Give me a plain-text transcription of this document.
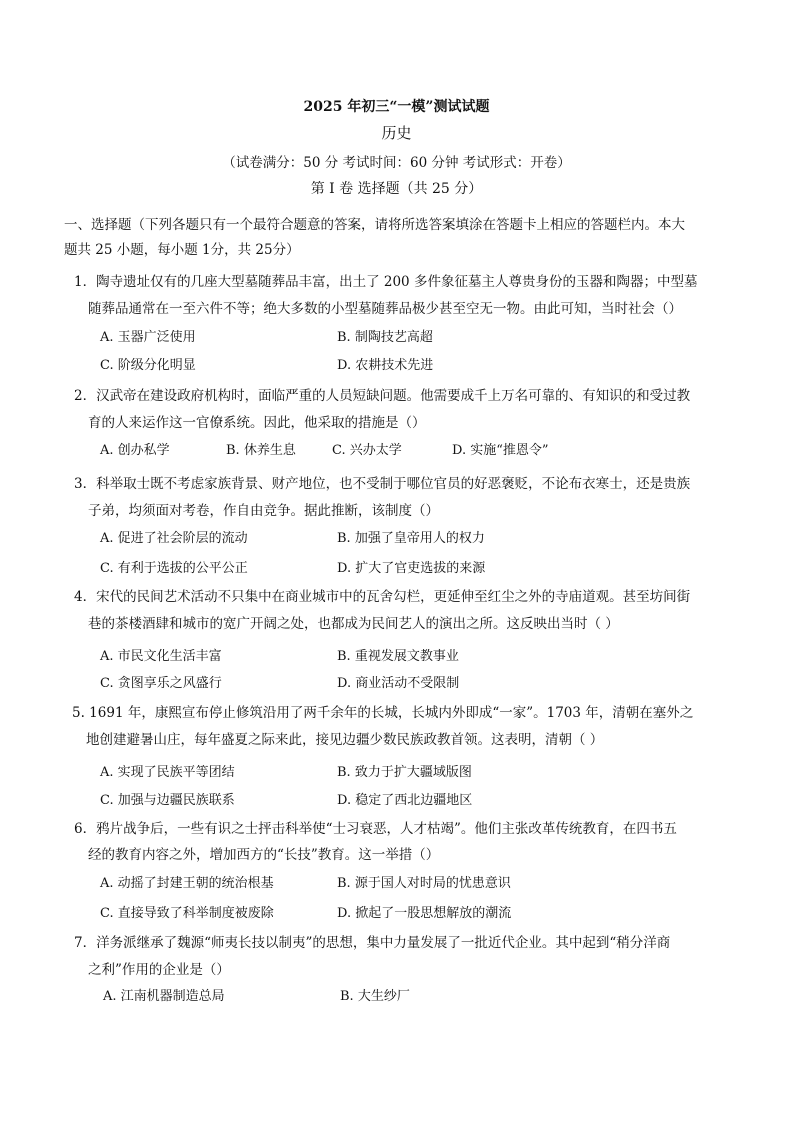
2025 年初三“一模”测试试题
历史
（试卷满分：50 分 考试时间：60 分钟 考试形式：开卷）
第 I 卷 选择题（共 25 分）
一、选择题（下列各题只有一个最符合题意的答案，请将所选答案填涂在答题卡上相应的答题栏内。本大
题共 25 小题，每小题 1分，共 25分）
1．陶寺遗址仅有的几座大型墓随葬品丰富，出土了 200 多件象征墓主人尊贵身份的玉器和陶器；中型墓
随葬品通常在一至六件不等；绝大多数的小型墓随葬品极少甚至空无一物。由此可知，当时社会（）
A. 玉器广泛使用	B. 制陶技艺高超
C. 阶级分化明显	D. 农耕技术先进
2．汉武帝在建设政府机构时，面临严重的人员短缺问题。他需要成千上万名可靠的、有知识的和受过教
育的人来运作这一官僚系统。因此，他采取的措施是（）
A. 创办私学	B. 休养生息	C. 兴办太学	D. 实施“推恩令”
3．科举取士既不考虑家族背景、财产地位，也不受制于哪位官员的好恶褒贬，不论布衣寒士，还是贵族
子弟，均须面对考卷，作自由竞争。据此推断，该制度（）
A. 促进了社会阶层的流动	B. 加强了皇帝用人的权力
C. 有利于选拔的公平公正	D. 扩大了官吏选拔的来源
4．宋代的民间艺术活动不只集中在商业城市中的瓦舍勾栏，更延伸至红尘之外的寺庙道观。甚至坊间街
巷的茶楼酒肆和城市的宽广开阔之处，也都成为民间艺人的演出之所。这反映出当时（ ）
A. 市民文化生活丰富	B. 重视发展文教事业
C. 贪图享乐之风盛行	D. 商业活动不受限制
5. 1691 年，康熙宣布停止修筑沿用了两千余年的长城，长城内外即成“一家”。1703 年，清朝在塞外之
地创建避暑山庄，每年盛夏之际来此，接见边疆少数民族政教首领。这表明，清朝（ ）
A. 实现了民族平等团结	B. 致力于扩大疆域版图
C. 加强与边疆民族联系	D. 稳定了西北边疆地区
6．鸦片战争后，一些有识之士抨击科举使“士习衰恶，人才枯竭”。他们主张改革传统教育，在四书五
经的教育内容之外，增加西方的“长技”教育。这一举措（）
A. 动摇了封建王朝的统治根基	B. 源于国人对时局的忧患意识
C. 直接导致了科举制度被废除	D. 掀起了一股思想解放的潮流
7．洋务派继承了魏源“师夷长技以制夷”的思想，集中力量发展了一批近代企业。其中起到“稍分洋商
之利”作用的企业是（）
A. 江南机器制造总局	B. 大生纱厂
